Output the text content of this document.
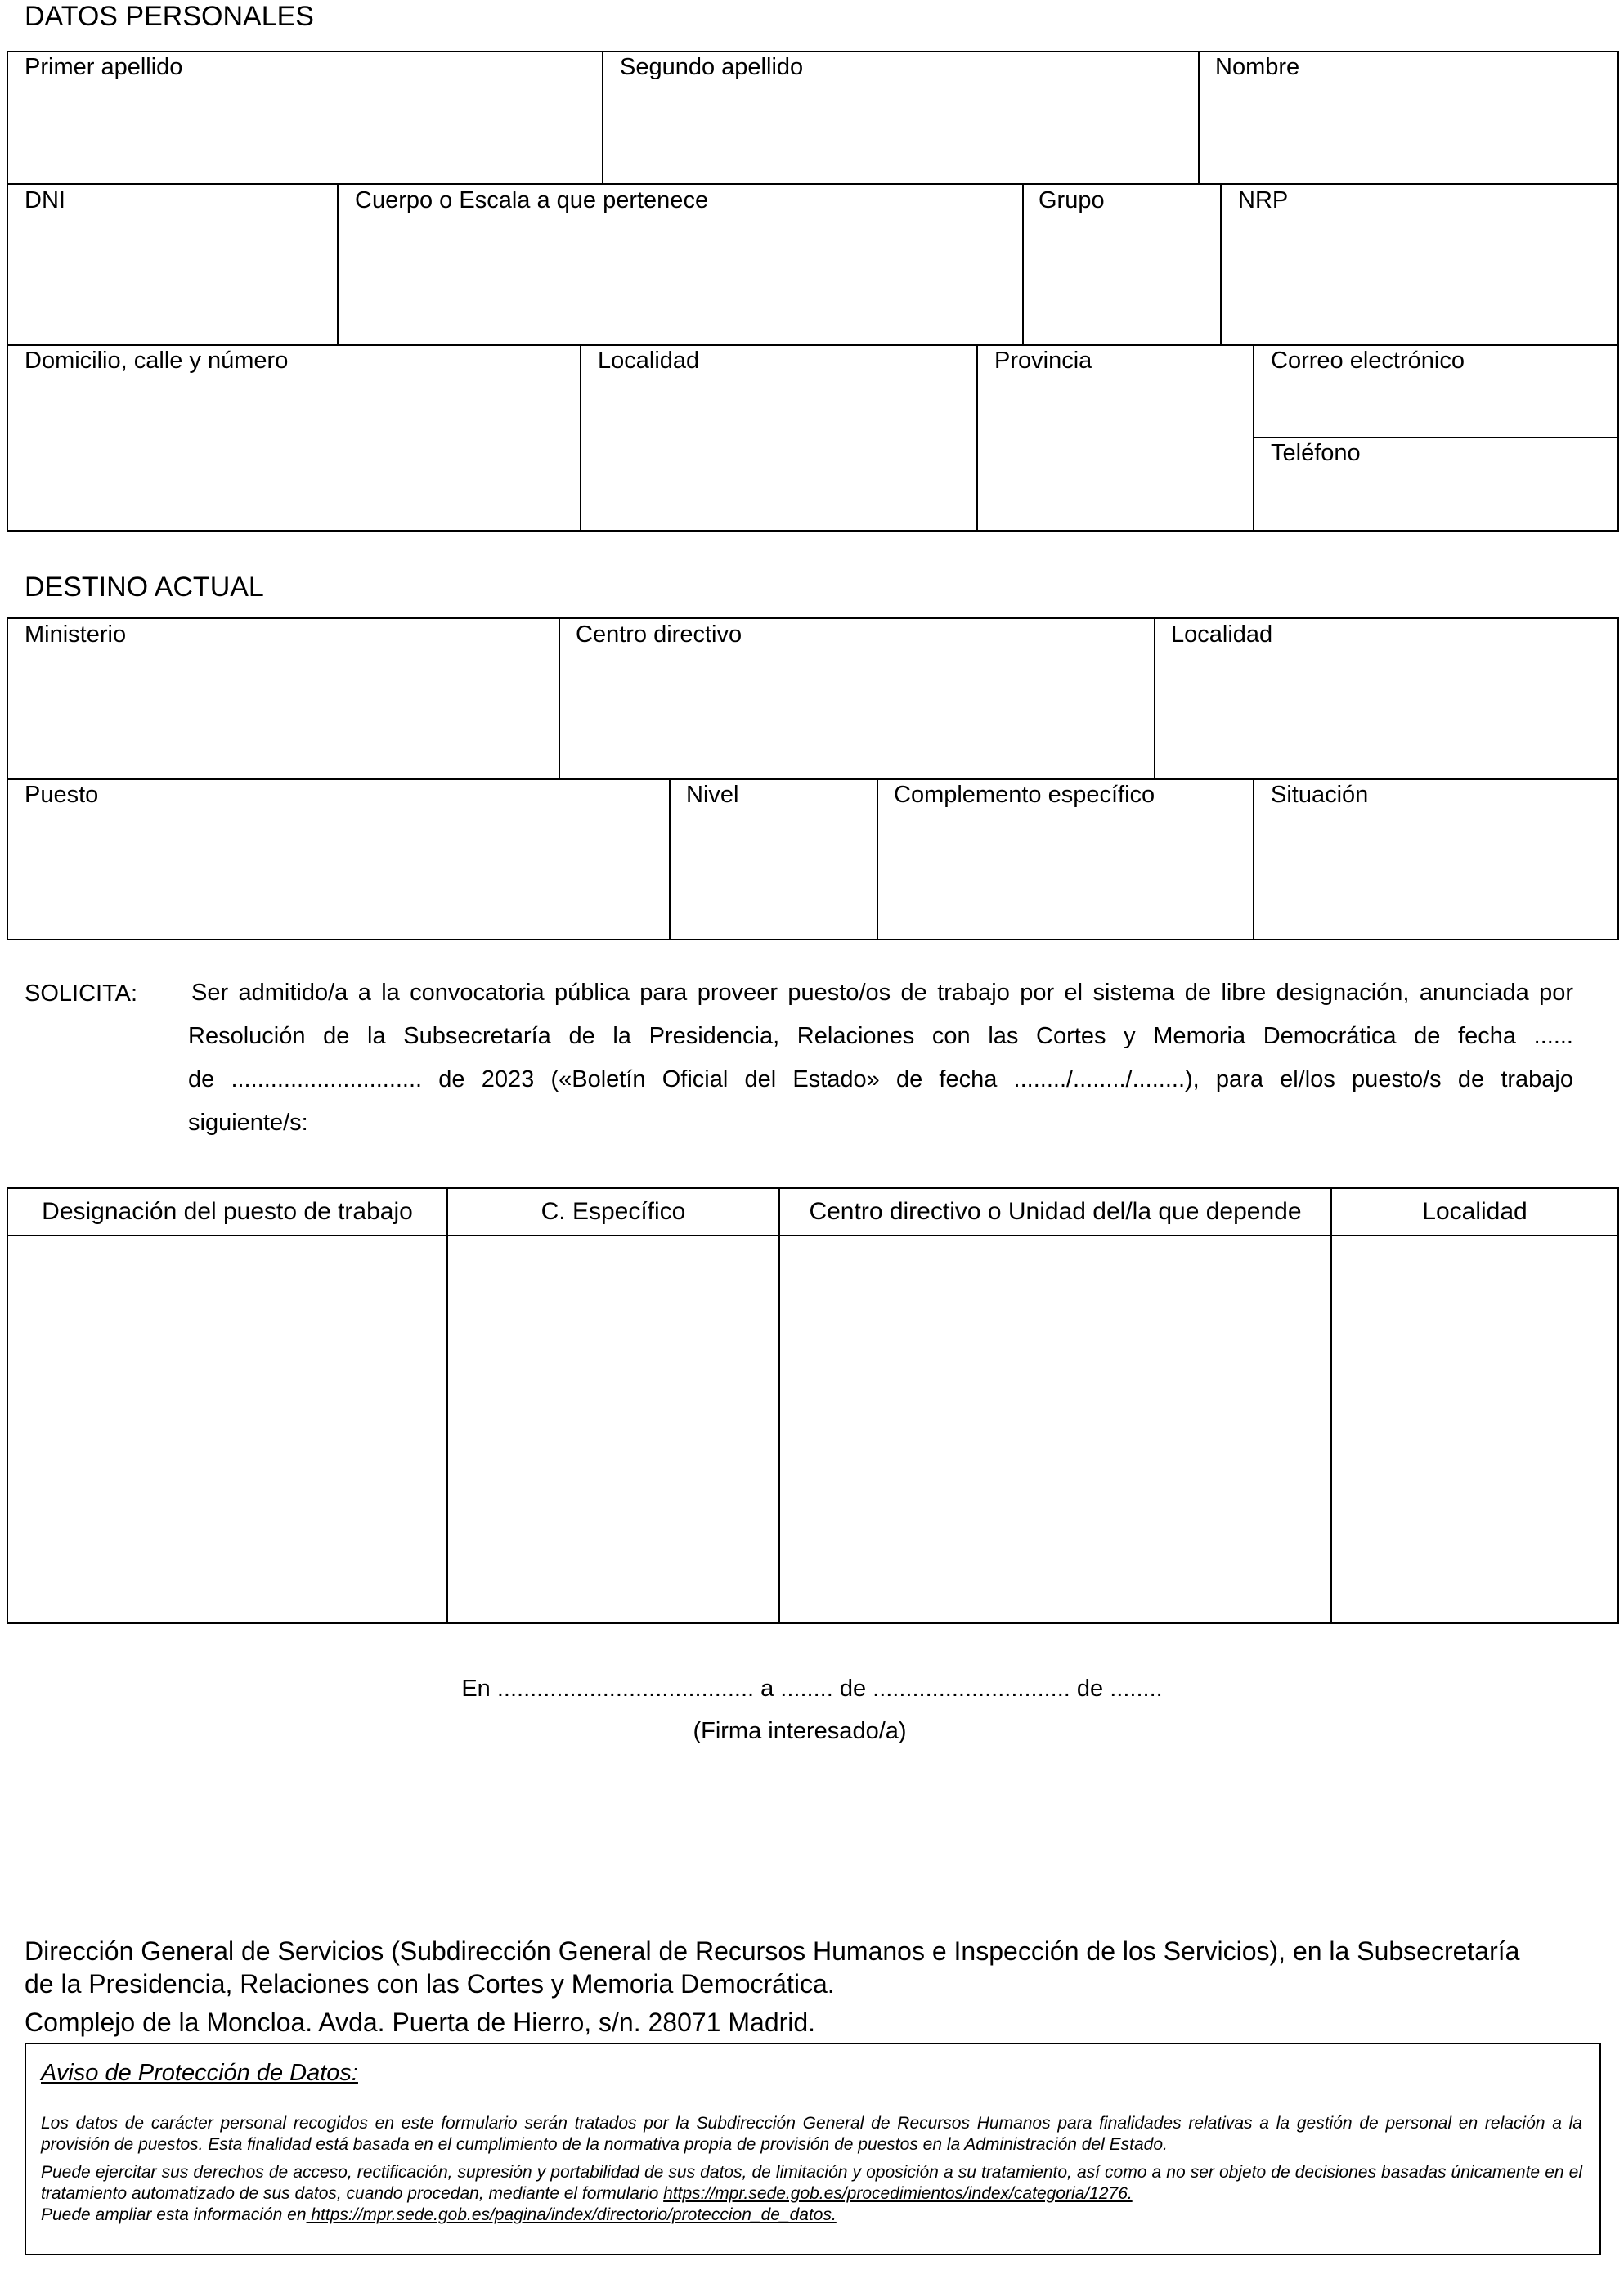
DATOS PERSONALES
Primer apellido	Segundo apellido	Nombre
DNI	Cuerpo o Escala a que pertenece	Grupo	NRP
Domicilio, calle y número	Localidad	Provincia	Correo electrónico
Teléfono
DESTINO ACTUAL
Ministerio	Centro directivo	Localidad
Puesto	Nivel	Complemento específico	Situación
SOLICITA: Ser admitido/a a la convocatoria pública para proveer puesto/os de trabajo por el sistema de libre designación, anunciada por
Resolución de la Subsecretaría de la Presidencia, Relaciones con las Cortes y Memoria Democrática de fecha ......
de ............................. de 2023 («Boletín Oficial del Estado» de fecha ......../......../........), para el/los puesto/s de trabajo
siguiente/s:
Designación del puesto de trabajo	C. Específico	Centro directivo o Unidad del/la que depende	Localidad
En ....................................... a ........ de .............................. de ........
(Firma interesado/a)
Dirección General de Servicios (Subdirección General de Recursos Humanos e Inspección de los Servicios), en la Subsecretaría
de la Presidencia, Relaciones con las Cortes y Memoria Democrática.
Complejo de la Moncloa. Avda. Puerta de Hierro, s/n. 28071 Madrid.
Aviso de Protección de Datos:
Los datos de carácter personal recogidos en este formulario serán tratados por la Subdirección General de Recursos Humanos para finalidades relativas a la gestión de personal en relación a la provisión de puestos. Esta finalidad está basada en el cumplimiento de la normativa propia de provisión de puestos en la Administración del Estado.
Puede ejercitar sus derechos de acceso, rectificación, supresión y portabilidad de sus datos, de limitación y oposición a su tratamiento, así como a no ser objeto de decisiones basadas únicamente en el tratamiento automatizado de sus datos, cuando procedan, mediante el formulario https://mpr.sede.gob.es/procedimientos/index/categoria/1276.
Puede ampliar esta información en https://mpr.sede.gob.es/pagina/index/directorio/proteccion_de_datos.
